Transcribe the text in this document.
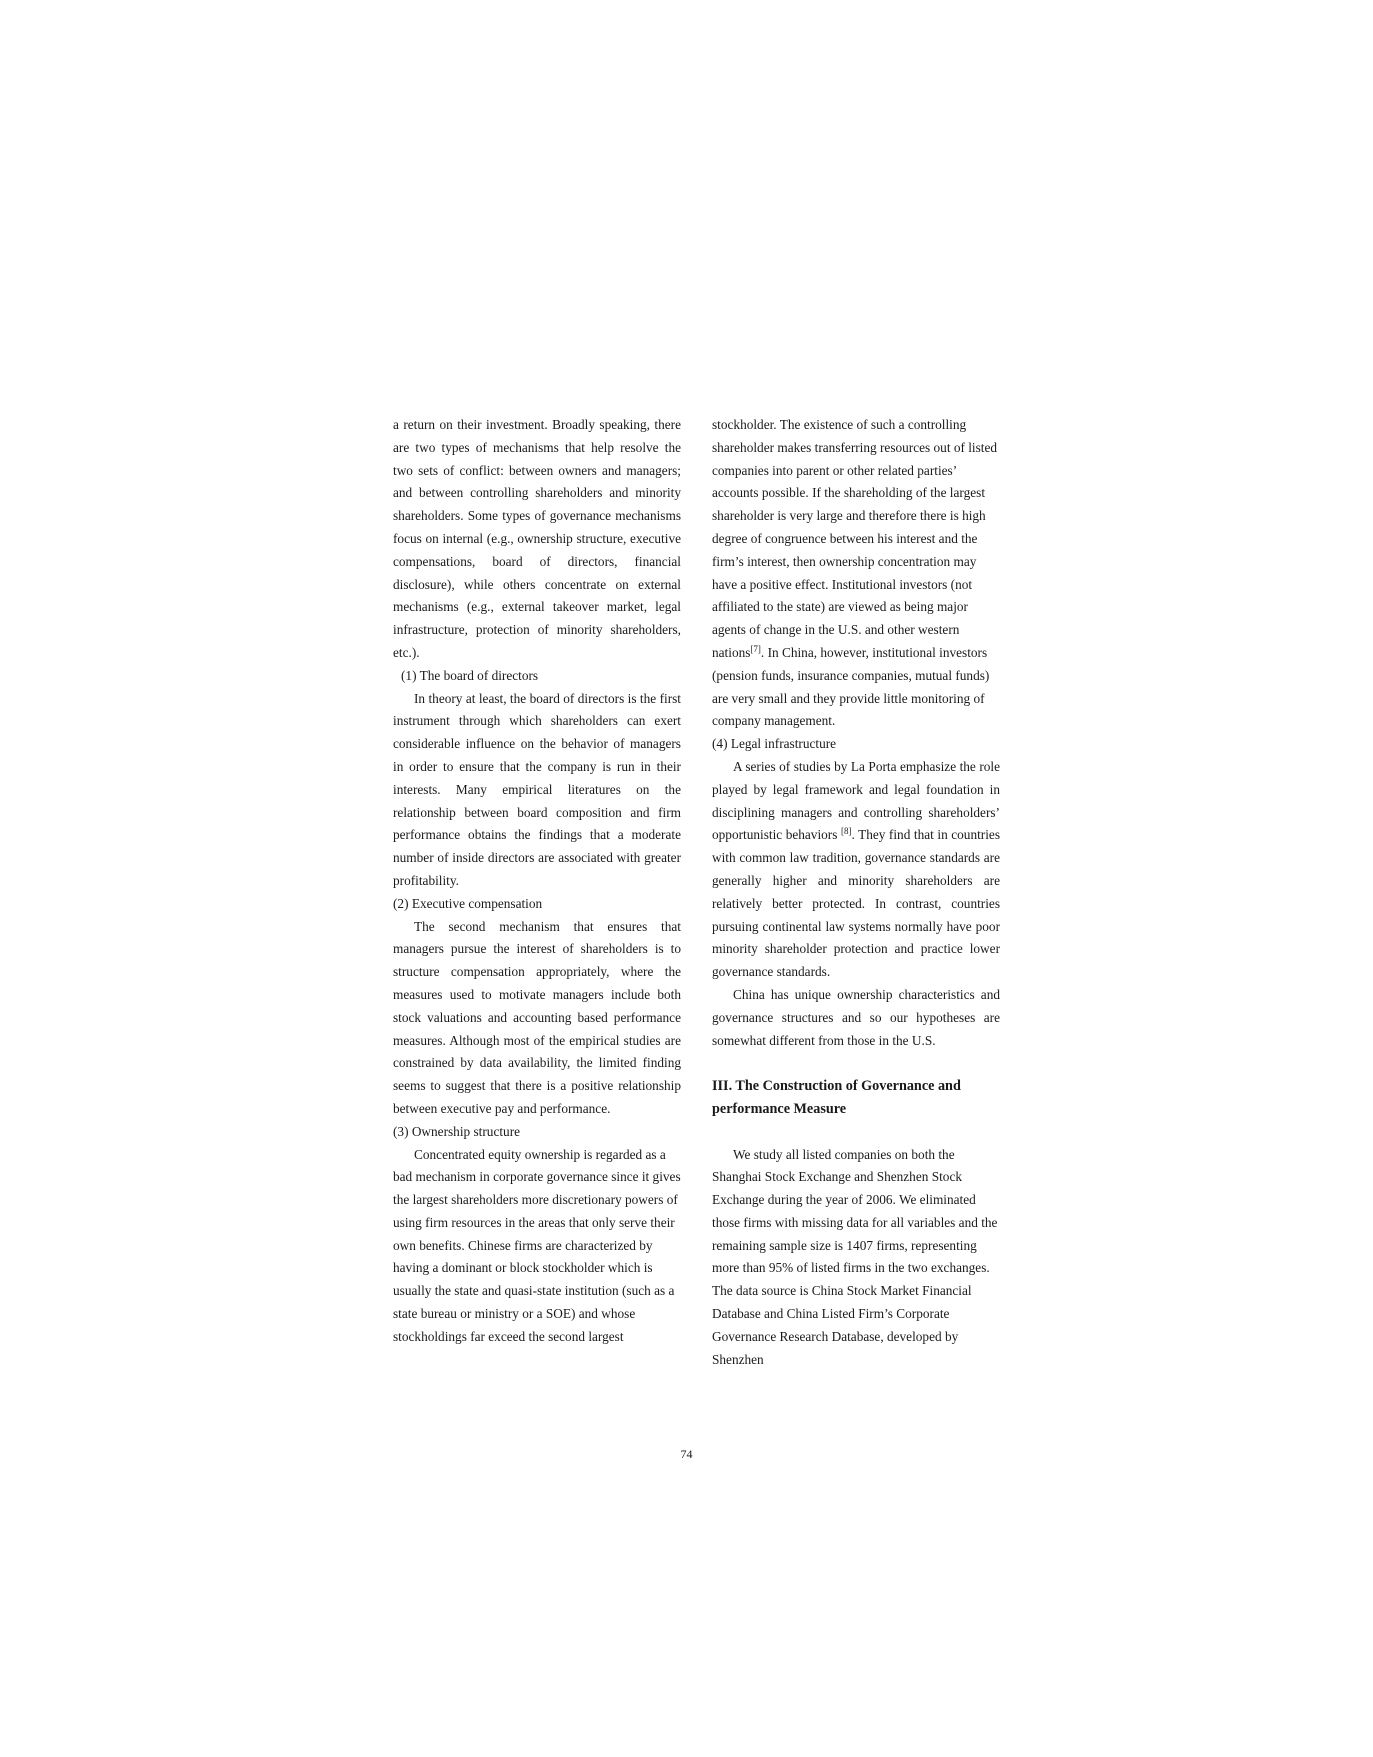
a return on their investment. Broadly speaking, there are two types of mechanisms that help resolve the two sets of conflict: between owners and managers; and between controlling shareholders and minority shareholders. Some types of governance mechanisms focus on internal (e.g., ownership structure, executive compensations, board of directors, financial disclosure), while others concentrate on external mechanisms (e.g., external takeover market, legal infrastructure, protection of minority shareholders, etc.).

(1) The board of directors

In theory at least, the board of directors is the first instrument through which shareholders can exert considerable influence on the behavior of managers in order to ensure that the company is run in their interests. Many empirical literatures on the relationship between board composition and firm performance obtains the findings that a moderate number of inside directors are associated with greater profitability.

(2) Executive compensation

The second mechanism that ensures that managers pursue the interest of shareholders is to structure compensation appropriately, where the measures used to motivate managers include both stock valuations and accounting based performance measures. Although most of the empirical studies are constrained by data availability, the limited finding seems to suggest that there is a positive relationship between executive pay and performance.

(3) Ownership structure

Concentrated equity ownership is regarded as a bad mechanism in corporate governance since it gives the largest shareholders more discretionary powers of using firm resources in the areas that only serve their own benefits. Chinese firms are characterized by having a dominant or block stockholder which is usually the state and quasi-state institution (such as a state bureau or ministry or a SOE) and whose stockholdings far exceed the second largest

stockholder. The existence of such a controlling shareholder makes transferring resources out of listed companies into parent or other related parties’ accounts possible. If the shareholding of the largest shareholder is very large and therefore there is high degree of congruence between his interest and the firm’s interest, then ownership concentration may have a positive effect. Institutional investors (not affiliated to the state) are viewed as being major agents of change in the U.S. and other western nations[7]. In China, however, institutional investors (pension funds, insurance companies, mutual funds) are very small and they provide little monitoring of company management.

(4) Legal infrastructure

A series of studies by La Porta emphasize the role played by legal framework and legal foundation in disciplining managers and controlling shareholders’ opportunistic behaviors [8]. They find that in countries with common law tradition, governance standards are generally higher and minority shareholders are relatively better protected. In contrast, countries pursuing continental law systems normally have poor minority shareholder protection and practice lower governance standards.

China has unique ownership characteristics and governance structures and so our hypotheses are somewhat different from those in the U.S.

III. The Construction of Governance and performance Measure

We study all listed companies on both the Shanghai Stock Exchange and Shenzhen Stock Exchange during the year of 2006. We eliminated those firms with missing data for all variables and the remaining sample size is 1407 firms, representing more than 95% of listed firms in the two exchanges. The data source is China Stock Market Financial Database and China Listed Firm’s Corporate Governance Research Database, developed by Shenzhen

74
